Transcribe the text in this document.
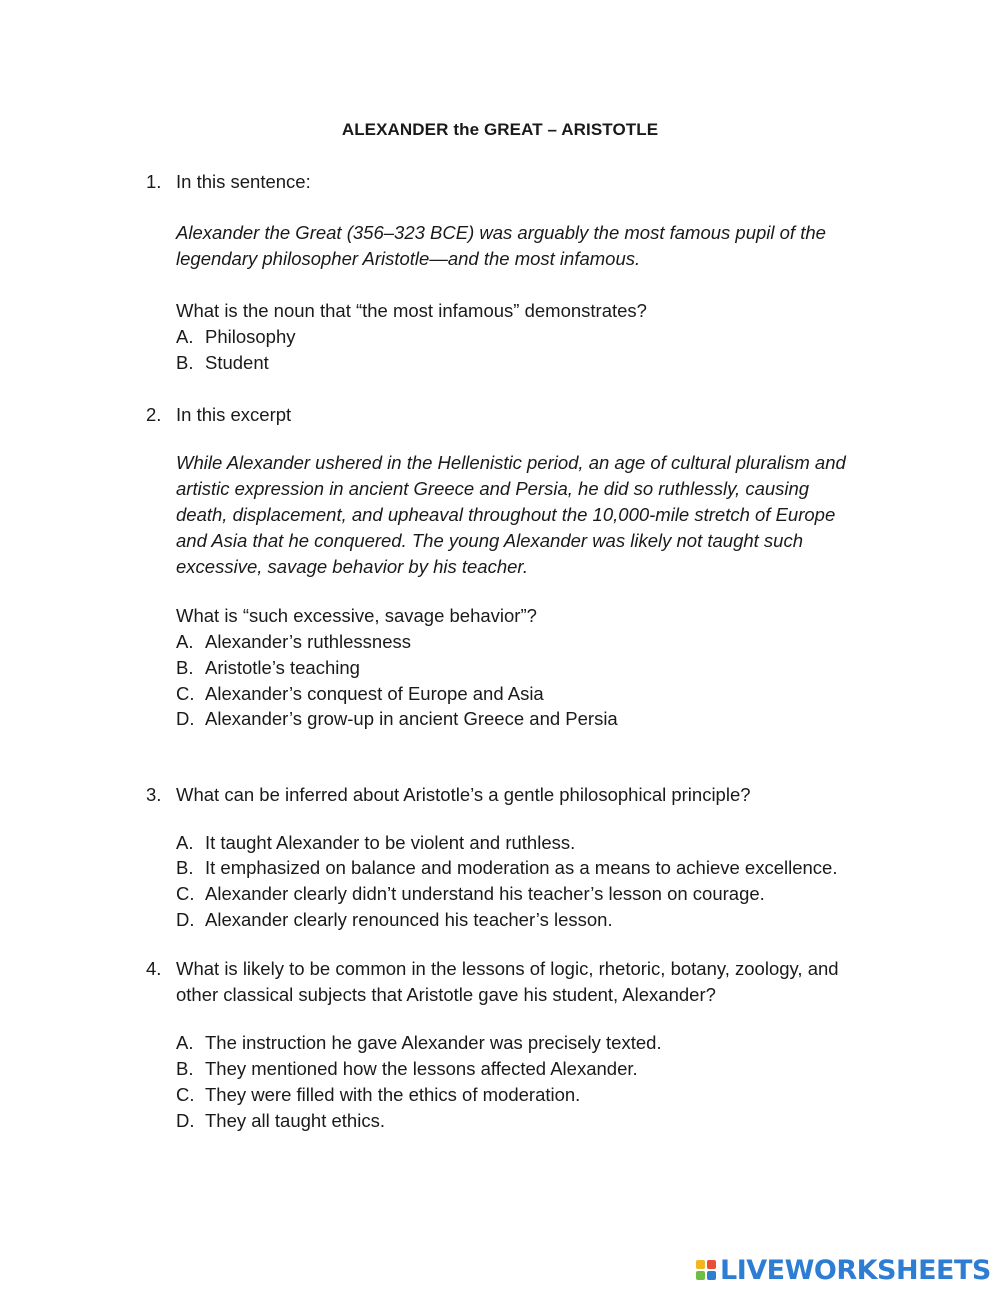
ALEXANDER the GREAT – ARISTOTLE
1. In this sentence:
Alexander the Great (356–323 BCE) was arguably the most famous pupil of the
legendary philosopher Aristotle—and the most infamous.
What is the noun that “the most infamous” demonstrates?
A. Philosophy
B. Student
2. In this excerpt
While Alexander ushered in the Hellenistic period, an age of cultural pluralism and
artistic expression in ancient Greece and Persia, he did so ruthlessly, causing
death, displacement, and upheaval throughout the 10,000-mile stretch of Europe
and Asia that he conquered. The young Alexander was likely not taught such
excessive, savage behavior by his teacher.
What is “such excessive, savage behavior”?
A. Alexander’s ruthlessness
B. Aristotle’s teaching
C. Alexander’s conquest of Europe and Asia
D. Alexander’s grow-up in ancient Greece and Persia
3. What can be inferred about Aristotle’s a gentle philosophical principle?
A. It taught Alexander to be violent and ruthless.
B. It emphasized on balance and moderation as a means to achieve excellence.
C. Alexander clearly didn’t understand his teacher’s lesson on courage.
D. Alexander clearly renounced his teacher’s lesson.
4. What is likely to be common in the lessons of logic, rhetoric, botany, zoology, and
other classical subjects that Aristotle gave his student, Alexander?
A. The instruction he gave Alexander was precisely texted.
B. They mentioned how the lessons affected Alexander.
C. They were filled with the ethics of moderation.
D. They all taught ethics.
LIVEWORKSHEETS
